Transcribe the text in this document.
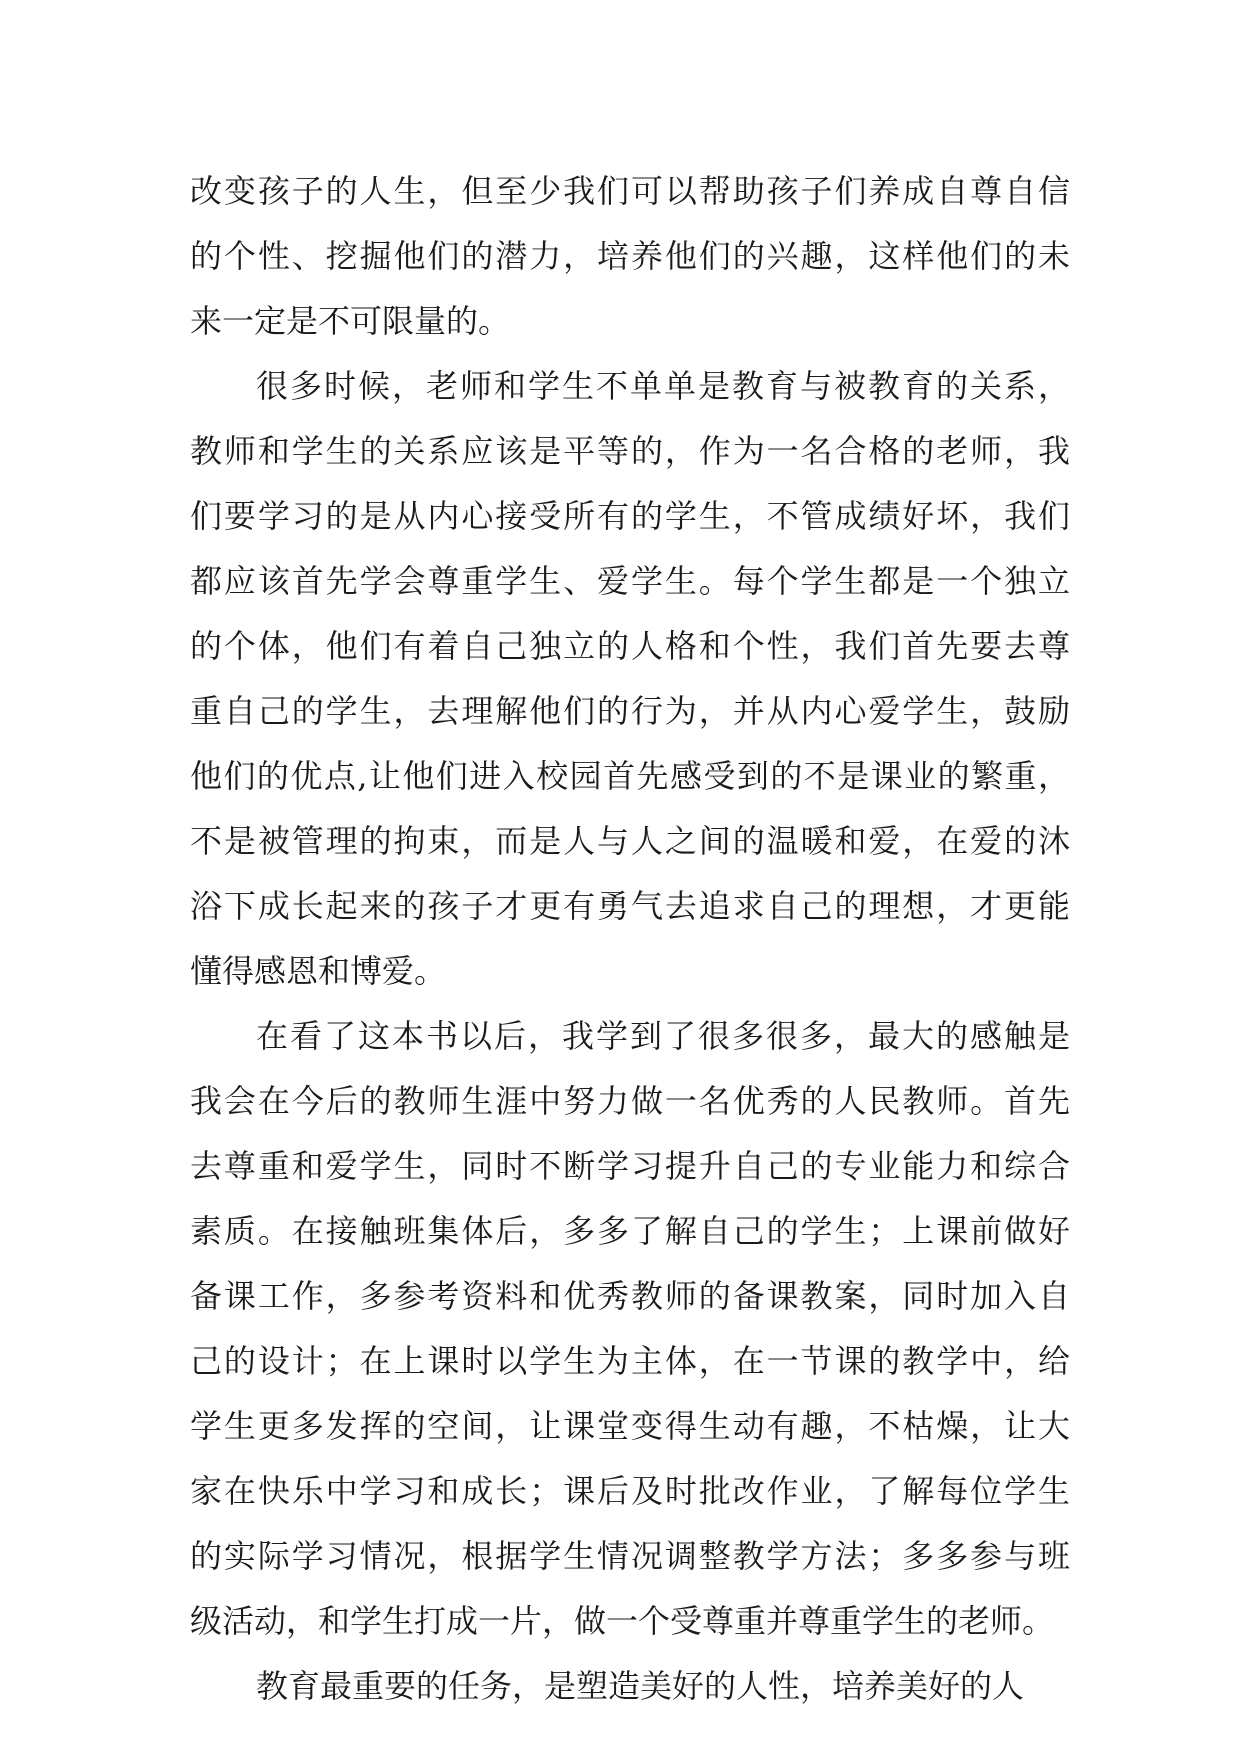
改变孩子的人生，但至少我们可以帮助孩子们养成自尊自信
的个性、挖掘他们的潜力，培养他们的兴趣，这样他们的未
来一定是不可限量的。
很多时候，老师和学生不单单是教育与被教育的关系，
教师和学生的关系应该是平等的，作为一名合格的老师，我
们要学习的是从内心接受所有的学生，不管成绩好坏，我们
都应该首先学会尊重学生、爱学生。每个学生都是一个独立
的个体，他们有着自己独立的人格和个性，我们首先要去尊
重自己的学生，去理解他们的行为，并从内心爱学生，鼓励
他们的优点,让他们进入校园首先感受到的不是课业的繁重，
不是被管理的拘束，而是人与人之间的温暖和爱，在爱的沐
浴下成长起来的孩子才更有勇气去追求自己的理想，才更能
懂得感恩和博爱。
在看了这本书以后，我学到了很多很多，最大的感触是
我会在今后的教师生涯中努力做一名优秀的人民教师。首先
去尊重和爱学生，同时不断学习提升自己的专业能力和综合
素质。在接触班集体后，多多了解自己的学生；上课前做好
备课工作，多参考资料和优秀教师的备课教案，同时加入自
己的设计；在上课时以学生为主体，在一节课的教学中，给
学生更多发挥的空间，让课堂变得生动有趣，不枯燥，让大
家在快乐中学习和成长；课后及时批改作业，了解每位学生
的实际学习情况，根据学生情况调整教学方法；多多参与班
级活动，和学生打成一片，做一个受尊重并尊重学生的老师。
教育最重要的任务，是塑造美好的人性，培养美好的人
